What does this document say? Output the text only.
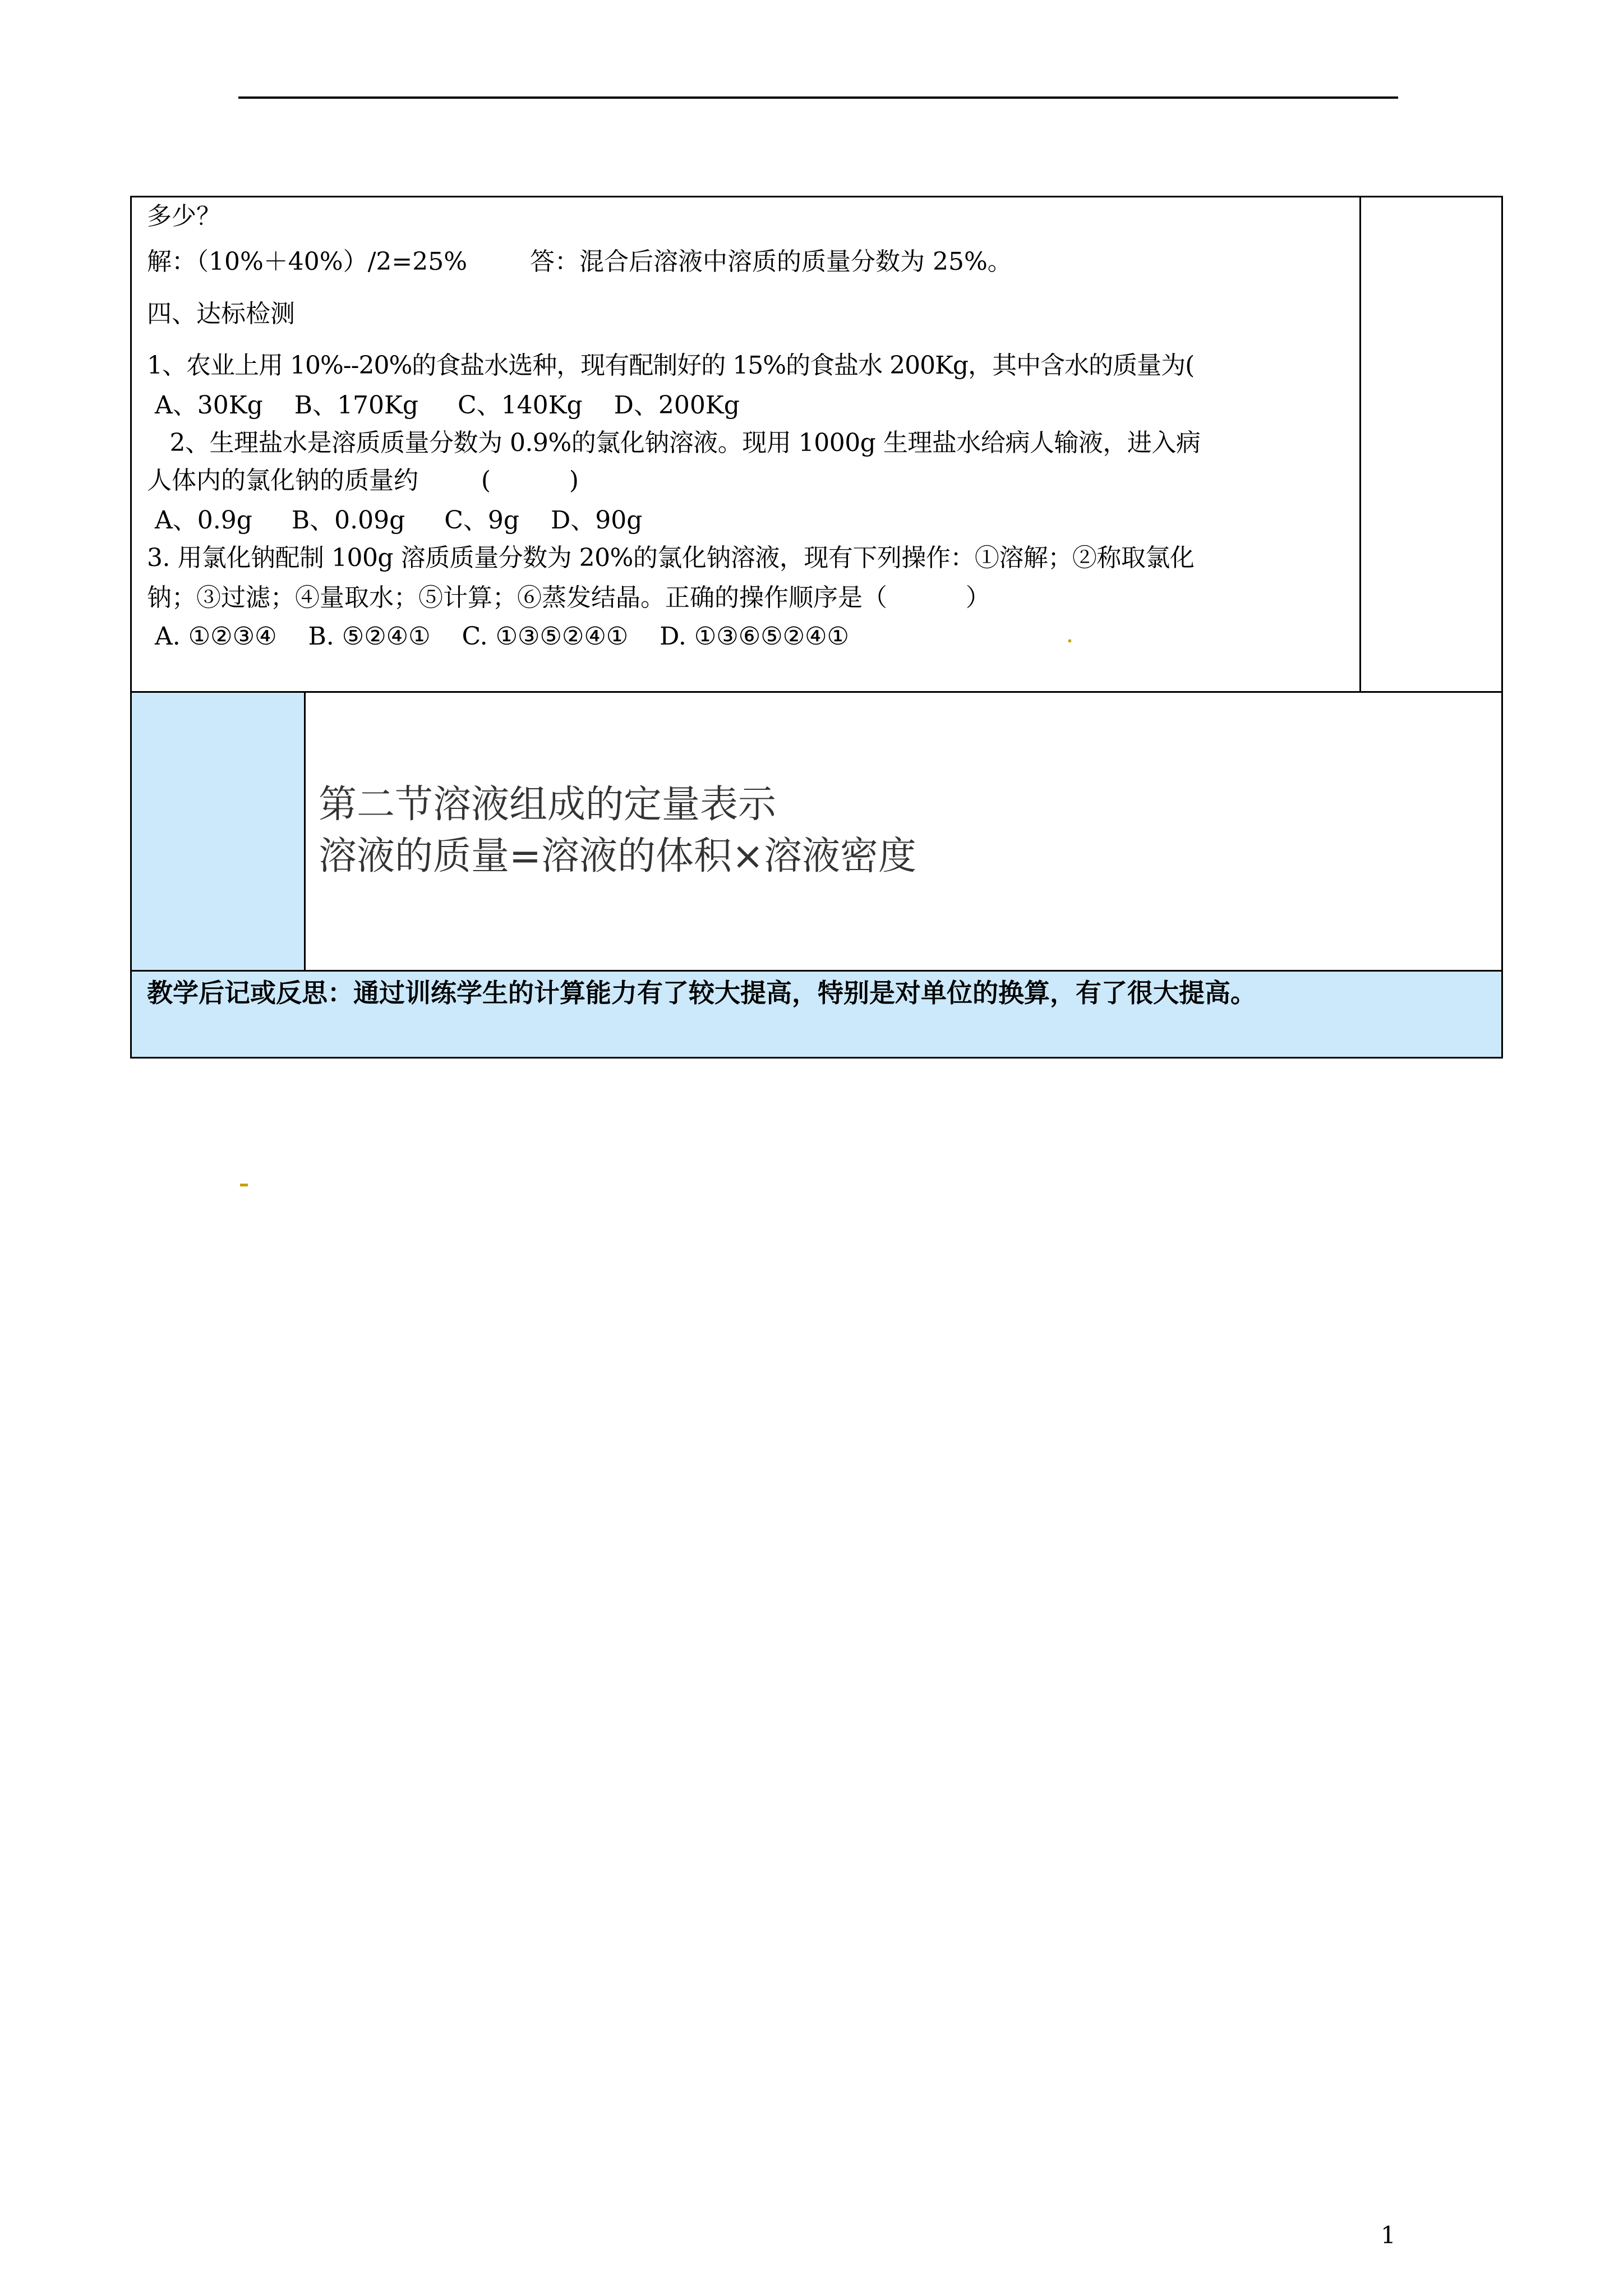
多少？
解：（10%＋40%）/2=25%        答：混合后溶液中溶质的质量分数为 25%。
四、达标检测
1、农业上用 10%--20%的食盐水选种，现有配制好的 15%的食盐水 200Kg，其中含水的质量为(
A、30Kg    B、170Kg     C、140Kg    D、200Kg
2、生理盐水是溶质质量分数为 0.9%的氯化钠溶液。现用 1000g 生理盐水给病人输液，进入病
人体内的氯化钠的质量约        (          )
A、0.9g     B、0.09g     C、9g    D、90g
3. 用氯化钠配制 100g 溶质质量分数为 20%的氯化钠溶液，现有下列操作：①溶解；②称取氯化
钠；③过滤；④量取水；⑤计算；⑥蒸发结晶。正确的操作顺序是（          ）
A. ①②③④    B. ⑤②④①    C. ①③⑤②④①    D. ①③⑥⑤②④①
第二节溶液组成的定量表示
溶液的质量=溶液的体积×溶液密度
教学后记或反思：通过训练学生的计算能力有了较大提高，特别是对单位的换算，有了很大提高。
1
